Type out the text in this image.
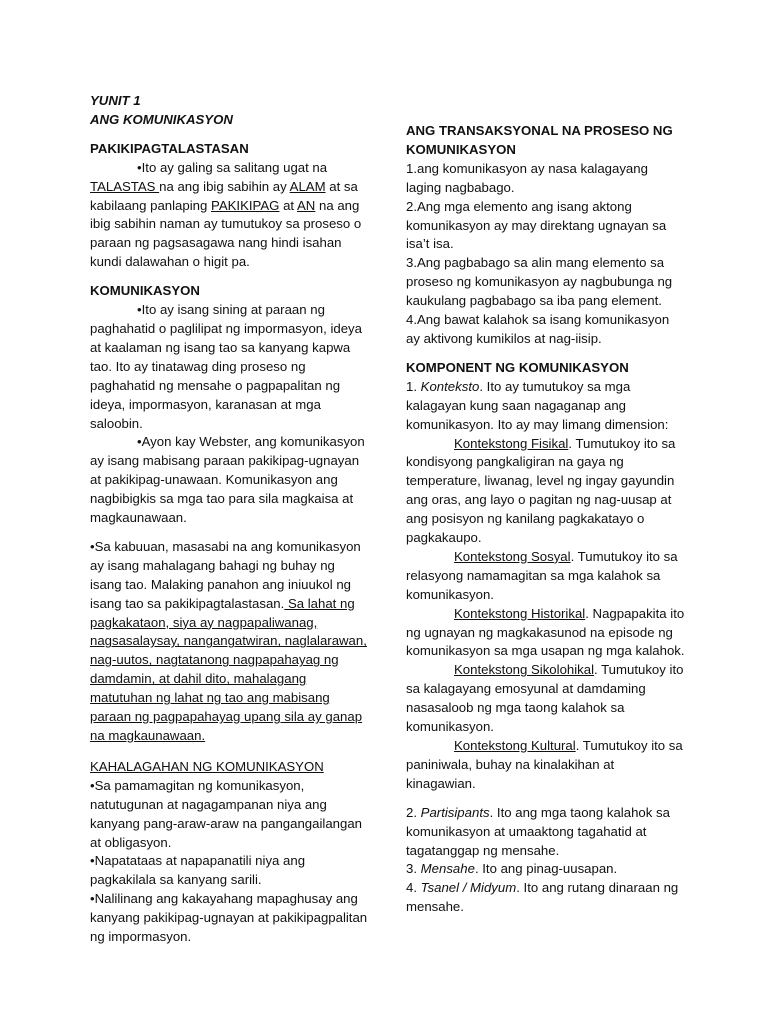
YUNIT 1

ANG KOMUNIKASYON

PAKIKIPAGTALASTASAN

•Ito ay galing sa salitang ugat na TALASTAS na ang ibig sabihin ay ALAM at sa kabilaang panlaping PAKIKIPAG at AN na ang ibig sabihin naman ay tumutukoy sa proseso o paraan ng pagsasagawa nang hindi isahan kundi dalawahan o higit pa.

KOMUNIKASYON

•Ito ay isang sining at paraan ng paghahatid o paglilipat ng impormasyon, ideya at kaalaman ng isang tao sa kanyang kapwa tao. Ito ay tinatawag ding proseso ng paghahatid ng mensahe o pagpapalitan ng ideya, impormasyon, karanasan at mga saloobin.

•Ayon kay Webster, ang komunikasyon ay isang mabisang paraan pakikipag-ugnayan at pakikipag-unawaan. Komunikasyon ang nagbibigkis sa mga tao para sila magkaisa at magkaunawaan.

•Sa kabuuan, masasabi na ang komunikasyon ay isang mahalagang bahagi ng buhay ng isang tao. Malaking panahon ang iniuukol ng isang tao sa pakikipagtalastasan. Sa lahat ng pagkakataon, siya ay nagpapaliwanag, nagsasalaysay, nangangatwiran, naglalarawan, nag-uutos, nagtatanong nagpapahayag ng damdamin, at dahil dito, mahalagang matutuhan ng lahat ng tao ang mabisang paraan ng pagpapahayag upang sila ay ganap na magkaunawaan.

KAHALAGAHAN NG KOMUNIKASYON

•Sa pamamagitan ng komunikasyon, natutugunan at nagagampanan niya ang kanyang pang-araw-araw na pangangailangan at obligasyon.

•Napatataas at napapanatili niya ang pagkakilala sa kanyang sarili.

•Nalilinang ang kakayahang mapaghusay ang kanyang pakikipag-ugnayan at pakikipagpalitan ng impormasyon.

ANG TRANSAKSYONAL NA PROSESO NG KOMUNIKASYON

1.ang komunikasyon ay nasa kalagayang laging nagbabago.

2.Ang mga elemento ang isang aktong komunikasyon ay may direktang ugnayan sa isa’t isa.

3.Ang pagbabago sa alin mang elemento sa proseso ng komunikasyon ay nagbubunga ng kaukulang pagbabago sa iba pang element.

4.Ang bawat kalahok sa isang komunikasyon ay aktivong kumikilos at nag-iisip.

KOMPONENT NG KOMUNIKASYON

1. Konteksto. Ito ay tumutukoy sa mga kalagayan kung saan nagaganap ang komunikasyon. Ito ay may limang dimension:

Kontekstong Fisikal. Tumutukoy ito sa kondisyong pangkaligiran na gaya ng temperature, liwanag, level ng ingay gayundin ang oras, ang layo o pagitan ng nag-uusap at ang posisyon ng kanilang pagkakatayo o pagkakaupo.

Kontekstong Sosyal. Tumutukoy ito sa relasyong namamagitan sa mga kalahok sa komunikasyon.

Kontekstong Historikal. Nagpapakita ito ng ugnayan ng magkakasunod na episode ng komunikasyon sa mga usapan ng mga kalahok.

Kontekstong Sikolohikal. Tumutukoy ito sa kalagayang emosyunal at damdaming nasasaloob ng mga taong kalahok sa komunikasyon.

Kontekstong Kultural. Tumutukoy ito sa paniniwala, buhay na kinalakihan at kinagawian.

2. Partisipants. Ito ang mga taong kalahok sa komunikasyon at umaaktong tagahatid at tagatanggap ng mensahe.

3. Mensahe. Ito ang pinag-uusapan.

4. Tsanel / Midyum. Ito ang rutang dinaraan ng mensahe.
